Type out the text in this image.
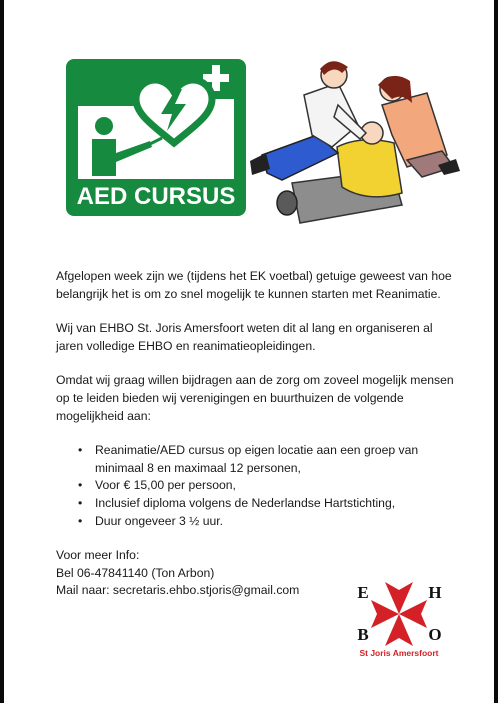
AED CURSUS

Afgelopen week zijn we (tijdens het EK voetbal) getuige geweest van hoe belangrijk het is om zo snel mogelijk te kunnen starten met Reanimatie.

Wij van EHBO St. Joris Amersfoort weten dit al lang en organiseren al jaren volledige EHBO en reanimatieopleidingen.

Omdat wij graag willen bijdragen aan de zorg om zoveel mogelijk mensen op te leiden bieden wij verenigingen en buurthuizen de volgende mogelijkheid aan:

• Reanimatie/AED cursus op eigen locatie aan een groep van minimaal 8 en maximaal 12 personen,
• Voor € 15,00 per persoon,
• Inclusief diploma volgens de Nederlandse Hartstichting,
• Duur ongeveer 3 ½ uur.

Voor meer Info:

Bel 06-47841140 (Ton Arbon)

Mail naar: secretaris.ehbo.stjoris@gmail.com	E	H
B	O
St Joris Amersfoort
